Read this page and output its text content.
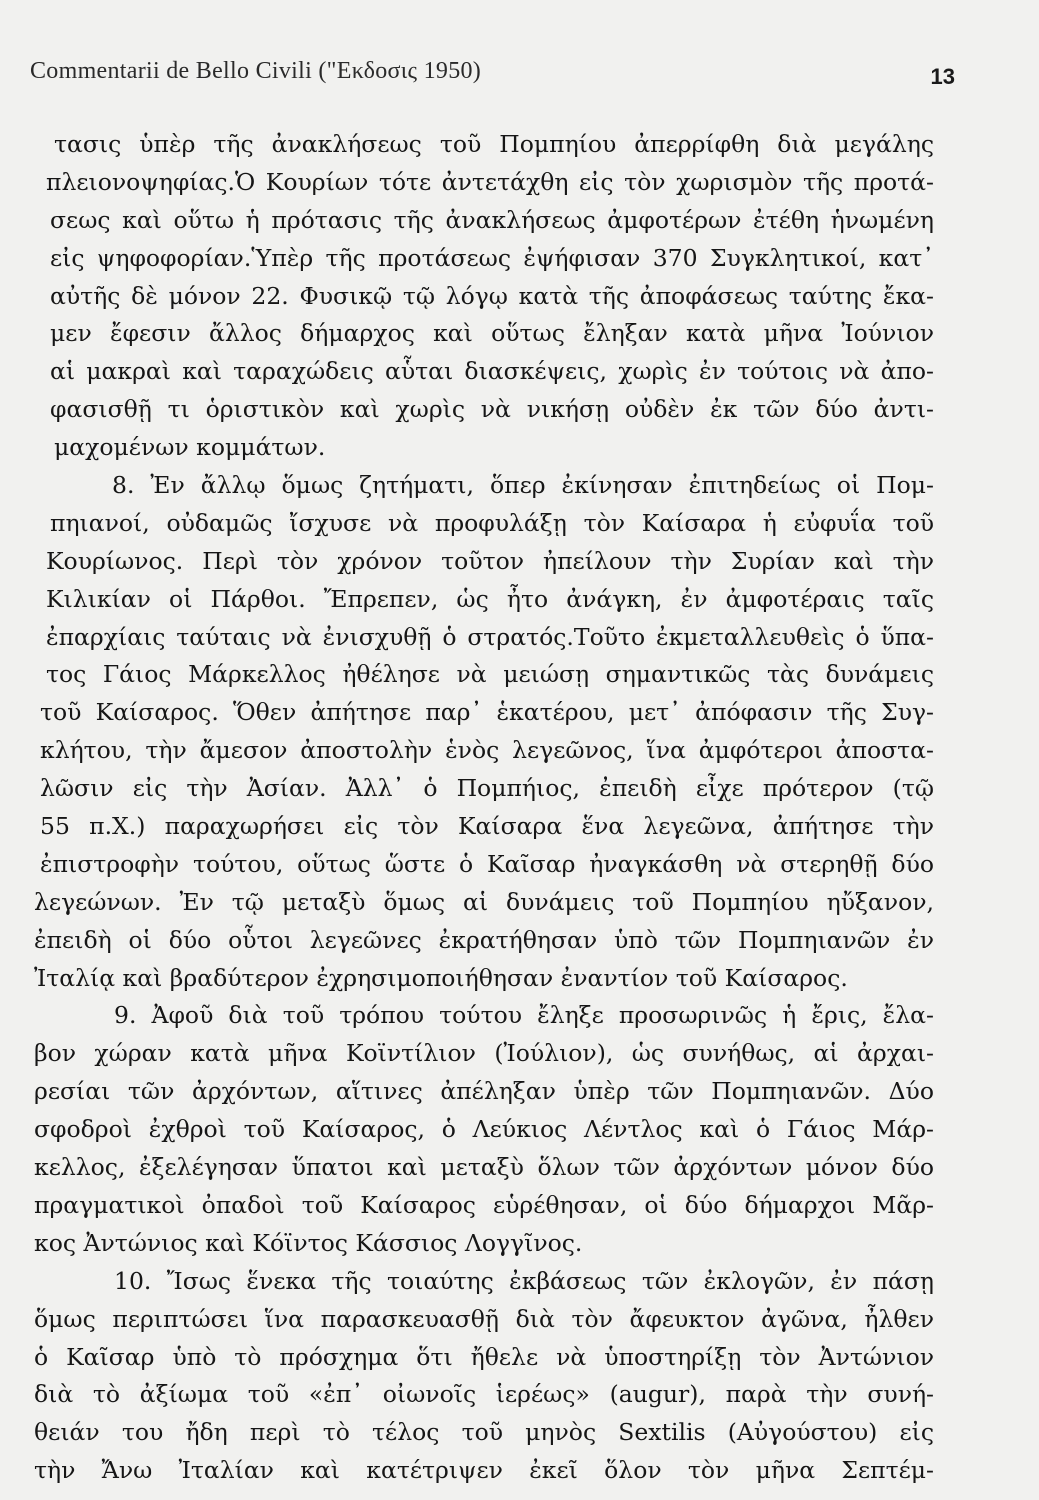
Commentarii de Bello Civili ("Εκδοσις 1950)	13
τασις ὑπὲρ τῆς ἀνακλήσεως τοῦ Πομπηίου ἀπερρίφθη διὰ μεγάλης
πλειονοψηφίας.Ὁ Κουρίων τότε ἀντετάχθη εἰς τὸν χωρισμὸν τῆς προτά-
σεως καὶ οὕτω ἡ πρότασις τῆς ἀνακλήσεως ἀμφοτέρων ἐτέθη ἡνωμένη
εἰς ψηφοφορίαν.Ὑπὲρ τῆς προτάσεως ἐψήφισαν 370 Συγκλητικοί, κατ᾽
αὐτῆς δὲ μόνον 22. Φυσικῷ τῷ λόγῳ κατὰ τῆς ἀποφάσεως ταύτης ἔκα-
μεν ἔφεσιν ἄλλος δήμαρχος καὶ οὕτως ἔληξαν κατὰ μῆνα Ἰούνιον
αἱ μακραὶ καὶ ταραχώδεις αὗται διασκέψεις, χωρὶς ἐν τούτοις νὰ ἀπο-
φασισθῇ τι ὁριστικὸν καὶ χωρὶς νὰ νικήσῃ οὐδὲν ἐκ τῶν δύο ἀντι-
μαχομένων κομμάτων.
8. Ἐν ἄλλῳ ὅμως ζητήματι, ὅπερ ἐκίνησαν ἐπιτηδείως οἱ Πομ-
πηιανοί, οὐδαμῶς ἴσχυσε νὰ προφυλάξῃ τὸν Καίσαρα ἡ εὐφυΐα τοῦ
Κουρίωνος. Περὶ τὸν χρόνον τοῦτον ἠπείλουν τὴν Συρίαν καὶ τὴν
Κιλικίαν οἱ Πάρθοι. Ἔπρεπεν, ὡς ἦτο ἀνάγκη, ἐν ἀμφοτέραις ταῖς
ἐπαρχίαις ταύταις νὰ ἐνισχυθῇ ὁ στρατός.Τοῦτο ἐκμεταλλευθεὶς ὁ ὕπα-
τος Γάιος Μάρκελλος ἠθέλησε νὰ μειώσῃ σημαντικῶς τὰς δυνάμεις
τοῦ Καίσαρος. Ὅθεν ἀπήτησε παρ᾽ ἑκατέρου, μετ᾽ ἀπόφασιν τῆς Συγ-
κλήτου, τὴν ἄμεσον ἀποστολὴν ἑνὸς λεγεῶνος, ἵνα ἀμφότεροι ἀποστα-
λῶσιν εἰς τὴν Ἀσίαν. Ἀλλ᾽ ὁ Πομπήιος, ἐπειδὴ εἶχε πρότερον (τῷ
55 π.Χ.) παραχωρήσει εἰς τὸν Καίσαρα ἕνα λεγεῶνα, ἀπήτησε τὴν
ἐπιστροφὴν τούτου, οὕτως ὥστε ὁ Καῖσαρ ἠναγκάσθη νὰ στερηθῇ δύο
λεγεώνων. Ἐν τῷ μεταξὺ ὅμως αἱ δυνάμεις τοῦ Πομπηίου ηὔξανον,
ἐπειδὴ οἱ δύο οὗτοι λεγεῶνες ἐκρατήθησαν ὑπὸ τῶν Πομπηιανῶν ἐν
Ἰταλίᾳ καὶ βραδύτερον ἐχρησιμοποιήθησαν ἐναντίον τοῦ Καίσαρος.
9. Ἀφοῦ διὰ τοῦ τρόπου τούτου ἔληξε προσωρινῶς ἡ ἔρις, ἔλα-
βον χώραν κατὰ μῆνα Κοϊντίλιον (Ἰούλιον), ὡς συνήθως, αἱ ἀρχαι-
ρεσίαι τῶν ἀρχόντων, αἵτινες ἀπέληξαν ὑπὲρ τῶν Πομπηιανῶν. Δύο
σφοδροὶ ἐχθροὶ τοῦ Καίσαρος, ὁ Λεύκιος Λέντλος καὶ ὁ Γάιος Μάρ-
κελλος, ἐξελέγησαν ὕπατοι καὶ μεταξὺ ὅλων τῶν ἀρχόντων μόνον δύο
πραγματικοὶ ὀπαδοὶ τοῦ Καίσαρος εὑρέθησαν, οἱ δύο δήμαρχοι Μᾶρ-
κος Ἀντώνιος καὶ Κόϊντος Κάσσιος Λογγῖνος.
10. Ἴσως ἕνεκα τῆς τοιαύτης ἐκβάσεως τῶν ἐκλογῶν, ἐν πάσῃ
ὅμως περιπτώσει ἵνα παρασκευασθῇ διὰ τὸν ἄφευκτον ἀγῶνα, ἦλθεν
ὁ Καῖσαρ ὑπὸ τὸ πρόσχημα ὅτι ἤθελε νὰ ὑποστηρίξῃ τὸν Ἀντώνιον
διὰ τὸ ἀξίωμα τοῦ «ἐπ᾽ οἰωνοῖς ἱερέως» (augur), παρὰ τὴν συνή-
θειάν του ἤδη περὶ τὸ τέλος τοῦ μηνὸς Sextilis (Αὐγούστου) εἰς
τὴν Ἄνω Ἰταλίαν καὶ κατέτριψεν ἐκεῖ ὅλον τὸν μῆνα Σεπτέμ-
